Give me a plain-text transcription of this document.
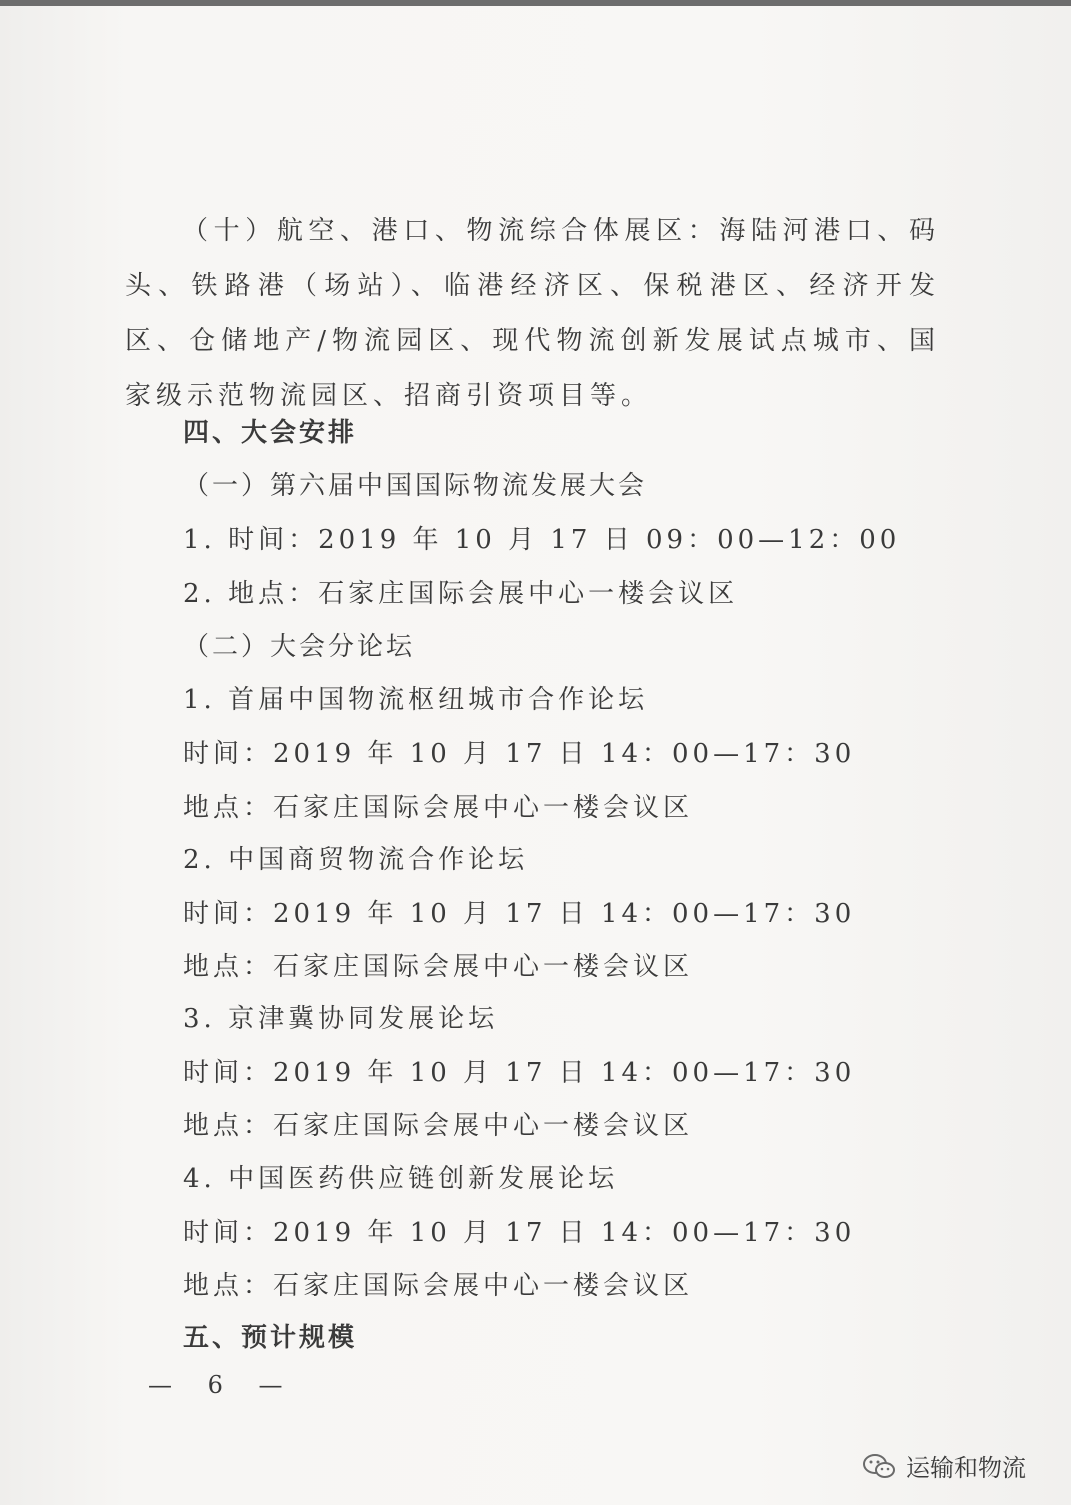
（十）航空、港口、物流综合体展区：海陆河港口、码头、铁路港（场站）、临港经济区、保税港区、经济开发区、仓储地产/物流园区、现代物流创新发展试点城市、国家级示范物流园区、招商引资项目等。
四、大会安排
（一）第六届中国国际物流发展大会
1. 时间：2019 年 10 月 17 日 09：00—12：00
2. 地点：石家庄国际会展中心一楼会议区
（二）大会分论坛
1. 首届中国物流枢纽城市合作论坛
时间：2019 年 10 月 17 日 14：00—17：30
地点：石家庄国际会展中心一楼会议区
2. 中国商贸物流合作论坛
时间：2019 年 10 月 17 日 14：00—17：30
地点：石家庄国际会展中心一楼会议区
3. 京津冀协同发展论坛
时间：2019 年 10 月 17 日 14：00—17：30
地点：石家庄国际会展中心一楼会议区
4. 中国医药供应链创新发展论坛
时间：2019 年 10 月 17 日 14：00—17：30
地点：石家庄国际会展中心一楼会议区
五、预计规模
— 6 —
运输和物流
